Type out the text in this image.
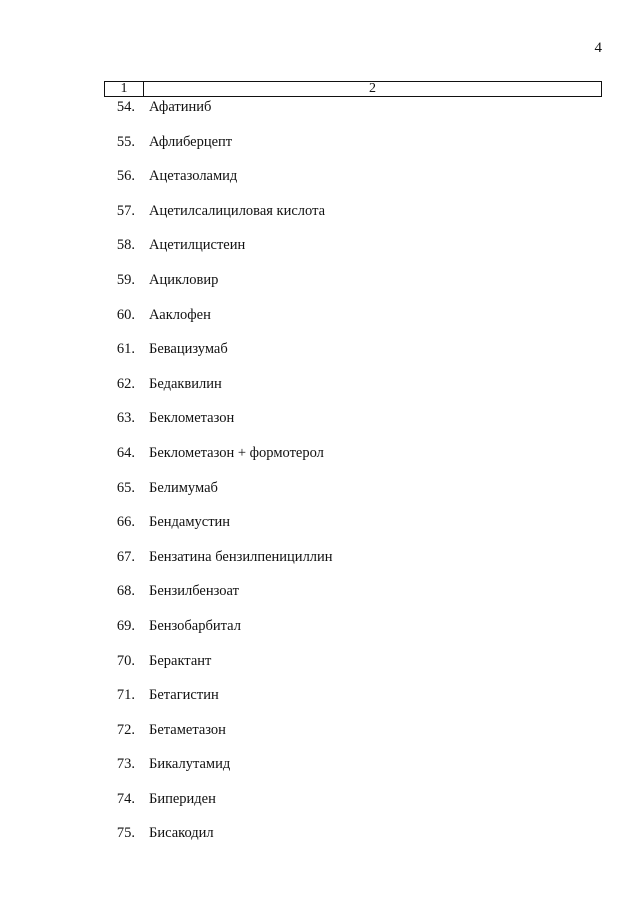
4
1	2
54. Афатиниб
55. Афлиберцепт
56. Ацетазоламид
57. Ацетилсалициловая кислота
58. Ацетилцистеин
59. Ацикловир
60. Ааклофен
61. Бевацизумаб
62. Бедаквилин
63. Беклометазон
64. Беклометазон + формотерол
65. Белимумаб
66. Бендамустин
67. Бензатина бензилпенициллин
68. Бензилбензоат
69. Бензобарбитал
70. Берактант
71. Бетагистин
72. Бетаметазон
73. Бикалутамид
74. Бипериден
75. Бисакодил
